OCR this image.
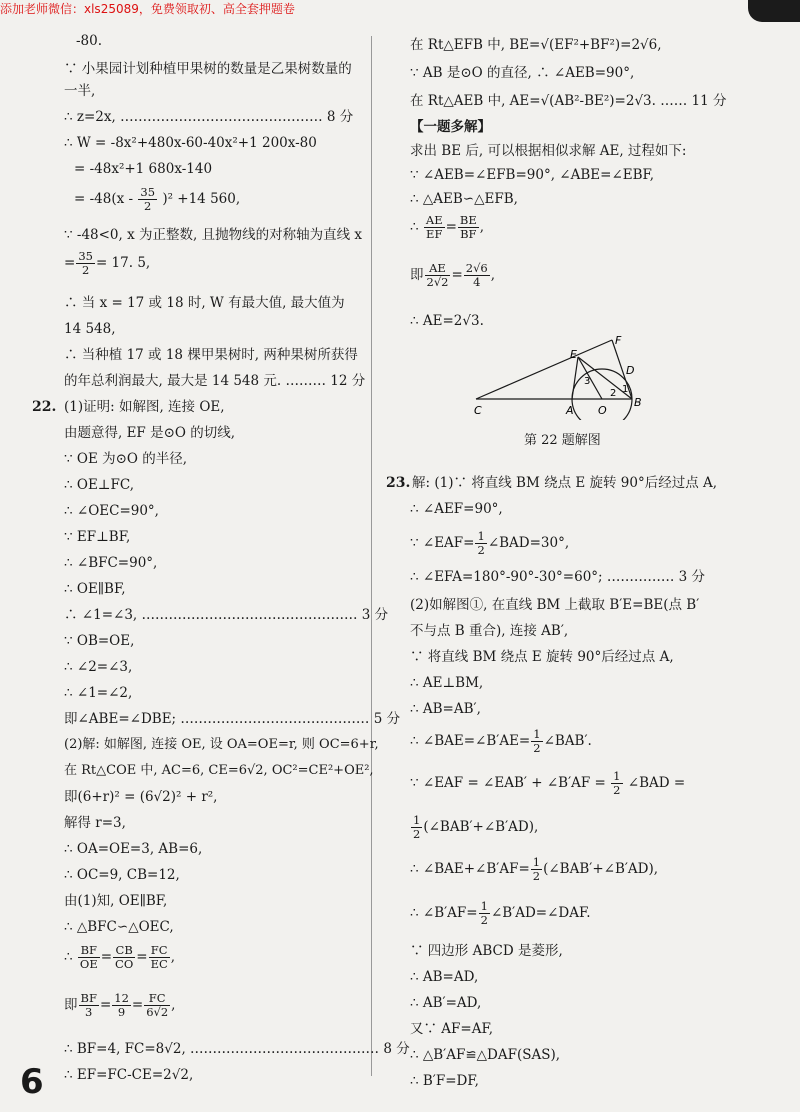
添加老师微信：xls25089，免费领取初、高全套押题卷
-80.
∵ 小果园计划种植甲果树的数量是乙果树数量的
一半,
∴ z=2x, ……………………………………… 8 分
∴ W = -8x²+480x-60-40x²+1 200x-80
= -48x²+1 680x-140
= $-48(x - \frac{35}{2} )^2 +14$ 560,
∵ -48<0, x 为正整数, 且抛物线的对称轴为直线 x
= $\frac{35}{2} = 17$. 5,
∴ 当 x = 17 或 18 时, W 有最大值, 最大值为
14 548,
∴ 当种植 17 或 18 棵甲果树时, 两种果树所获得
的年总利润最大, 最大是 14 548 元. ……… 12 分
22. (1)证明: 如解图, 连接 OE,
由题意得, EF 是⊙O 的切线,
∵ OE 为⊙O 的半径,
∴ OE⊥FC,
∴ ∠OEC=90°,
∵ EF⊥BF,
∴ ∠BFC=90°,
∴ OE∥BF,
∴ ∠1=∠3, ………………………………………… 3 分
∵ OB=OE,
∴ ∠2=∠3,
∴ ∠1=∠2,
即∠ABE=∠DBE; …………………………………… 5 分
(2)解: 如解图, 连接 OE, 设 OA=OE=r, 则 OC=6+r,
在 Rt△COE 中, AC=6, CE=6√2, OC²=CE²+OE²,
即(6+r)² = (6√2)² + r²,
解得 r=3,
∴ OA=OE=3, AB=6,
∴ OC=9, CB=12,
由(1)知, OE∥BF,
∴ △BFC∽△OEC,
∴ $\frac{BF}{OE} = \frac{CB}{CO} = \frac{FC}{EC}$ ,
即 $\frac{BF}{3} = \frac{12}{9} = \frac{FC}{6√2}$ ,
∴ BF=4, FC=8√2, …………………………………… 8 分
∴ EF=FC-CE=2√2,
在 Rt△EFB 中, BE=√(EF²+BF²)=2√6,
∵ AB 是⊙O 的直径, ∴ ∠AEB=90°,
在 Rt△AEB 中, AE=√(AB²-BE²)=2√3. …… 11 分
【一题多解】
求出 BE 后, 可以根据相似求解 AE, 过程如下:
∵ ∠AEB=∠EFB=90°, ∠ABE=∠EBF,
∴ △AEB∽△EFB,
∴ $\frac{AE}{EF} = \frac{BE}{BF}$ ,
即 $\frac{AE}{2√2} = \frac{2√6}{4}$ ,
∴ AE=2√3.
C	A O
B
E
F
D
1
2
3
第 22 题解图
23. 解: (1)∵ 将直线 BM 绕点 E 旋转 90°后经过点 A,
∴ ∠AEF=90°,
∵ ∠EAF= $\frac{1}{2}$ ∠BAD=30°,
∴ ∠EFA=180°-90°-30°=60°; …………… 3 分
(2)如解图①, 在直线 BM 上截取 B′E=BE(点 B′
不与点 B 重合), 连接 AB′,
∵ 将直线 BM 绕点 E 旋转 90°后经过点 A,
∴ AE⊥BM,
∴ AB=AB′,
∴ ∠BAE=∠B′AE= $\frac{1}{2}$ ∠BAB′.
∵ ∠EAF = ∠EAB′ + ∠B′AF = $\frac{1}{2}$ ∠BAD =
$\frac{1}{2}$ (∠BAB′+∠B′AD),
∴ ∠BAE+∠B′AF= $\frac{1}{2}$ (∠BAB′+∠B′AD),
∴ ∠B′AF= $\frac{1}{2}$ ∠B′AD=∠DAF.
∵ 四边形 ABCD 是菱形,
∴ AB=AD,
∴ AB′=AD,
又∵ AF=AF,
∴ △B′AF≌△DAF(SAS),
∴ B′F=DF,
6
